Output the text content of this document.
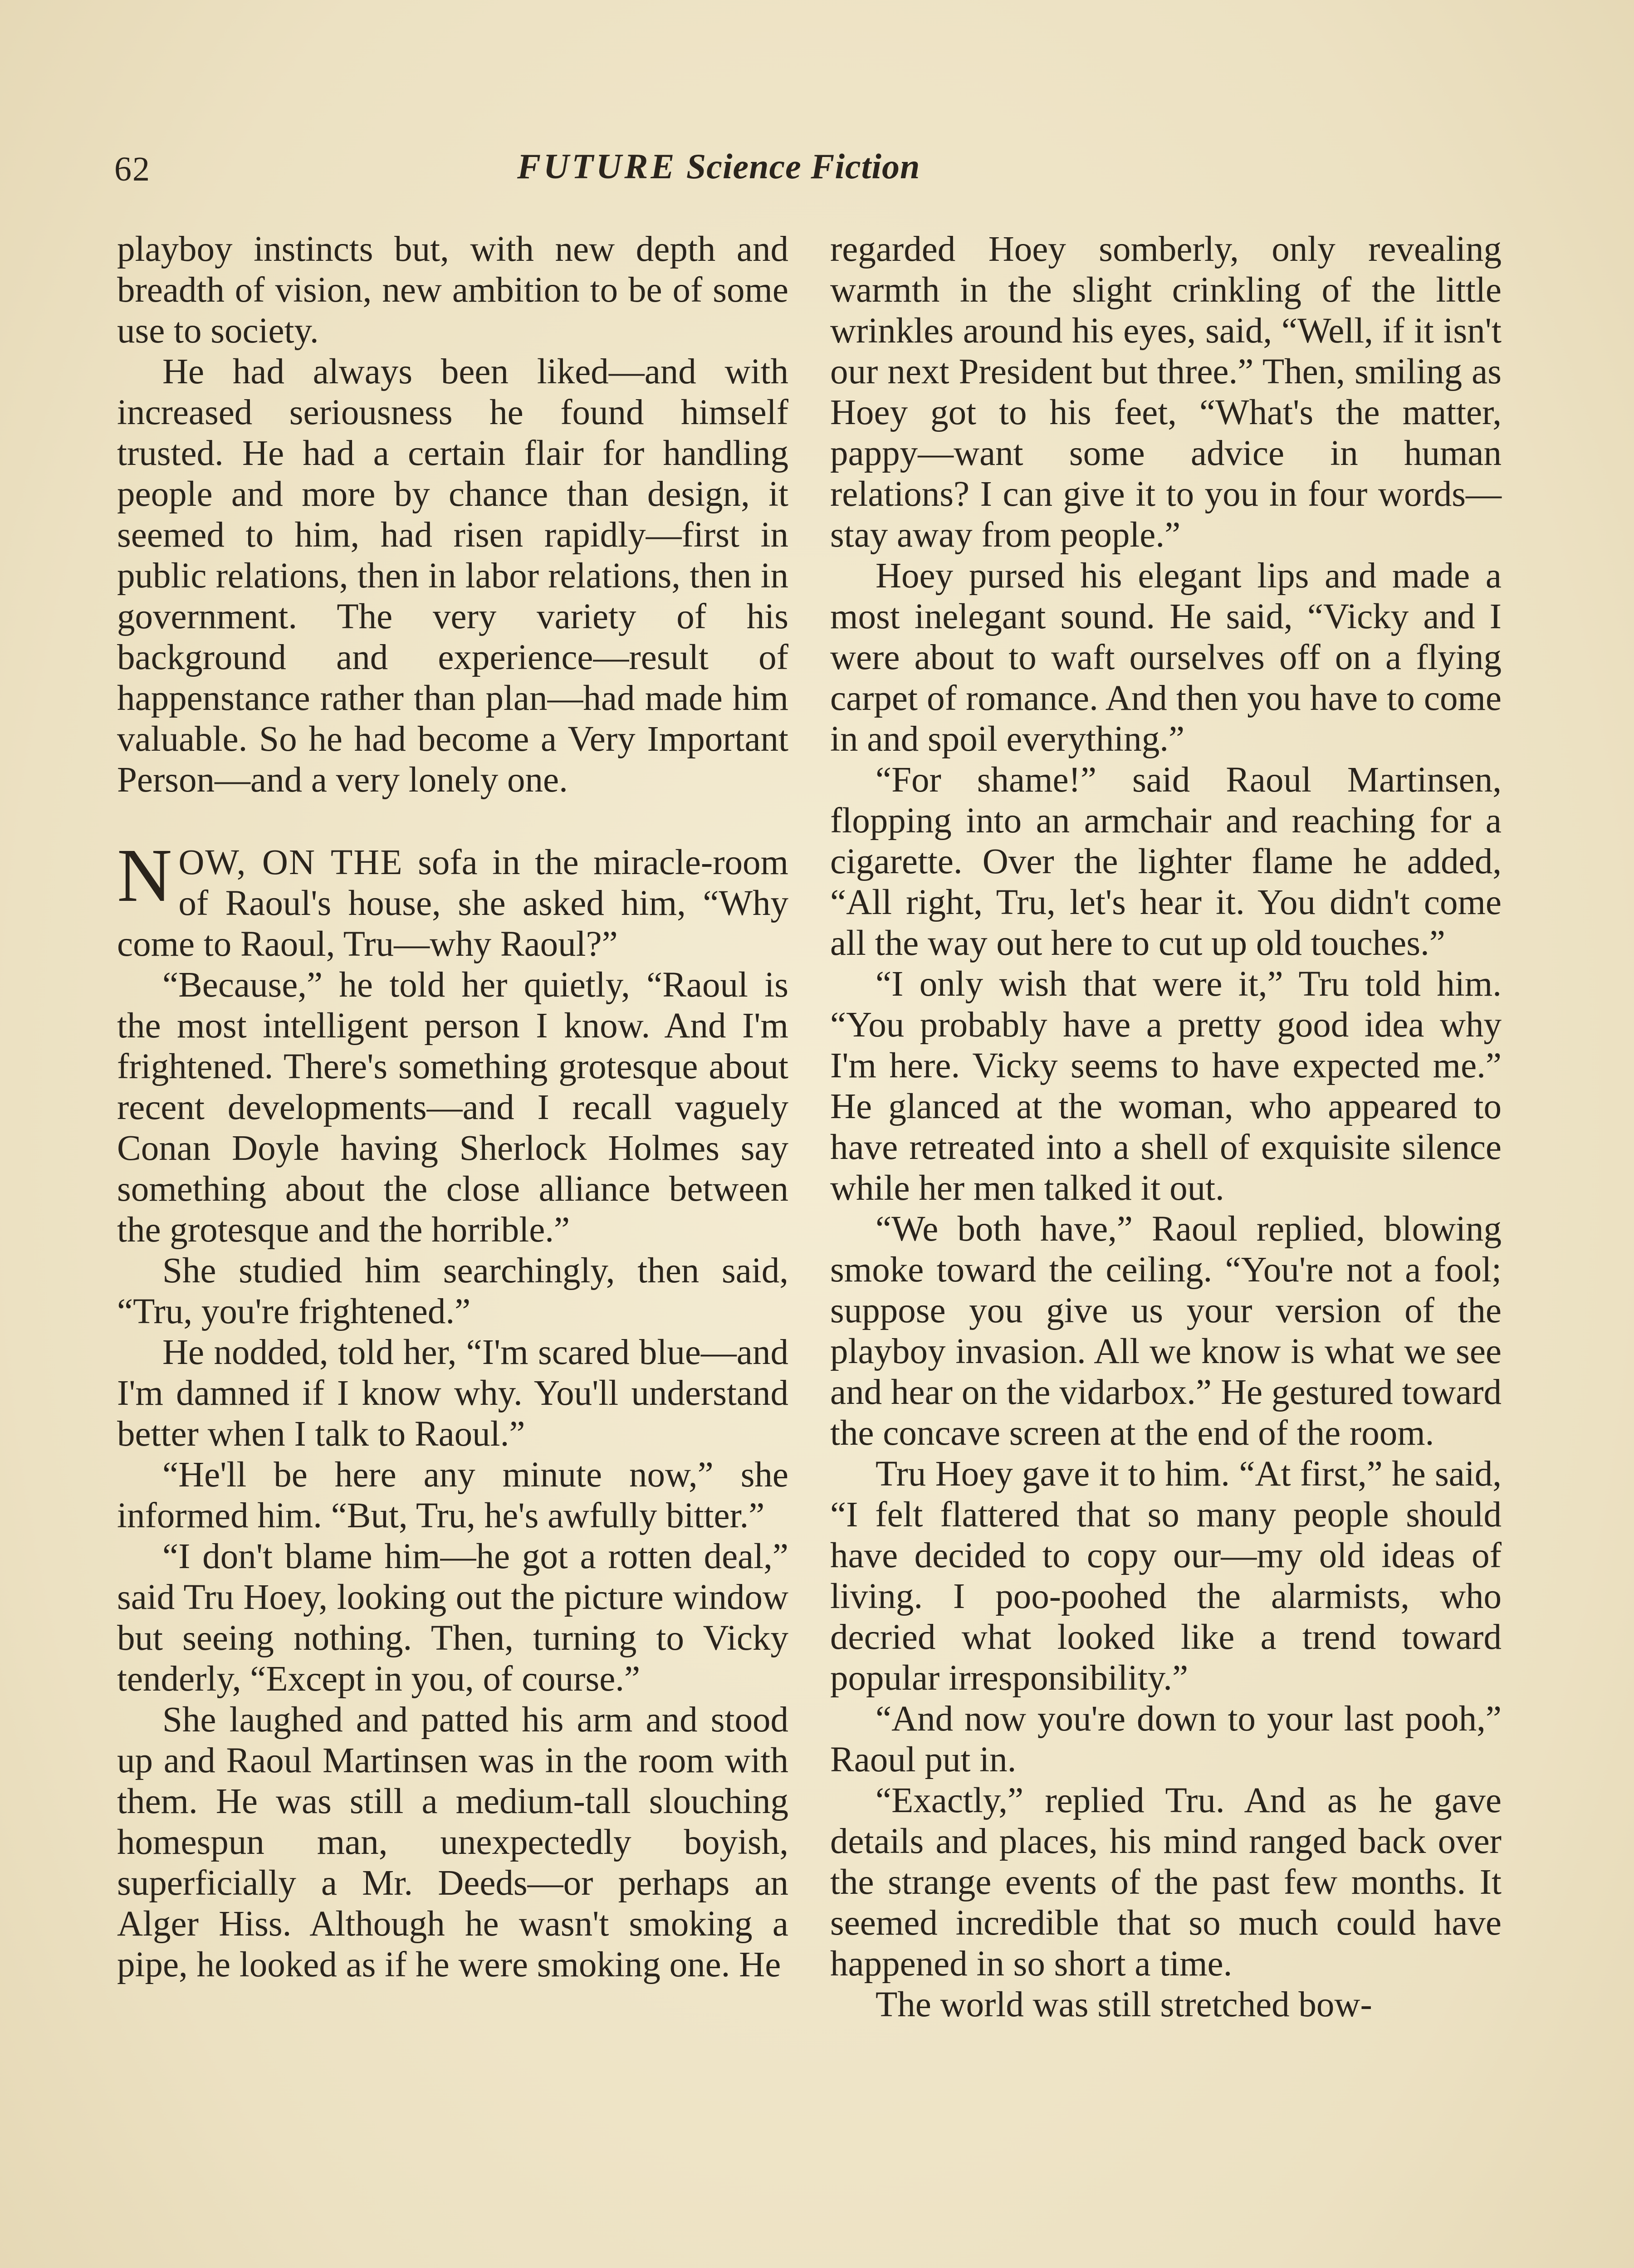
62	FUTURE Science Fiction

playboy instincts but, with new depth and breadth of vision, new ambition to be of some use to society.

He had always been liked—and with increased seriousness he found himself trusted. He had a certain flair for handling people and more by chance than design, it seemed to him, had risen rapidly—first in public relations, then in labor relations, then in government. The very variety of his background and experience—result of happenstance rather than plan—had made him valuable. So he had become a Very Important Person—and a very lonely one.

NOW, ON THE sofa in the miracle-room of Raoul's house, she asked him, “Why come to Raoul, Tru—why Raoul?”

“Because,” he told her quietly, “Raoul is the most intelligent person I know. And I'm frightened. There's something grotesque about recent developments—and I recall vaguely Conan Doyle having Sherlock Holmes say something about the close alliance between the grotesque and the horrible.”

She studied him searchingly, then said, “Tru, you're frightened.”

He nodded, told her, “I'm scared blue—and I'm damned if I know why. You'll understand better when I talk to Raoul.”

“He'll be here any minute now,” she informed him. “But, Tru, he's awfully bitter.”

“I don't blame him—he got a rotten deal,” said Tru Hoey, looking out the picture window but seeing nothing. Then, turning to Vicky tenderly, “Except in you, of course.”

She laughed and patted his arm and stood up and Raoul Martinsen was in the room with them. He was still a medium-tall slouching homespun man, unexpectedly boyish, superficially a Mr. Deeds—or perhaps an Alger Hiss. Although he wasn't smoking a pipe, he looked as if he were smoking one. He

regarded Hoey somberly, only revealing warmth in the slight crinkling of the little wrinkles around his eyes, said, “Well, if it isn't our next President but three.” Then, smiling as Hoey got to his feet, “What's the matter, pappy—want some advice in human relations? I can give it to you in four words—stay away from people.”

Hoey pursed his elegant lips and made a most inelegant sound. He said, “Vicky and I were about to waft ourselves off on a flying carpet of romance. And then you have to come in and spoil everything.”

“For shame!” said Raoul Martinsen, flopping into an armchair and reaching for a cigarette. Over the lighter flame he added, “All right, Tru, let's hear it. You didn't come all the way out here to cut up old touches.”

“I only wish that were it,” Tru told him. “You probably have a pretty good idea why I'm here. Vicky seems to have expected me.” He glanced at the woman, who appeared to have retreated into a shell of exquisite silence while her men talked it out.

“We both have,” Raoul replied, blowing smoke toward the ceiling. “You're not a fool; suppose you give us your version of the playboy invasion. All we know is what we see and hear on the vidarbox.” He gestured toward the concave screen at the end of the room.

Tru Hoey gave it to him. “At first,” he said, “I felt flattered that so many people should have decided to copy our—my old ideas of living. I poo-poohed the alarmists, who decried what looked like a trend toward popular irresponsibility.”

“And now you're down to your last pooh,” Raoul put in.

“Exactly,” replied Tru. And as he gave details and places, his mind ranged back over the strange events of the past few months. It seemed incredible that so much could have happened in so short a time.

The world was still stretched bow-
